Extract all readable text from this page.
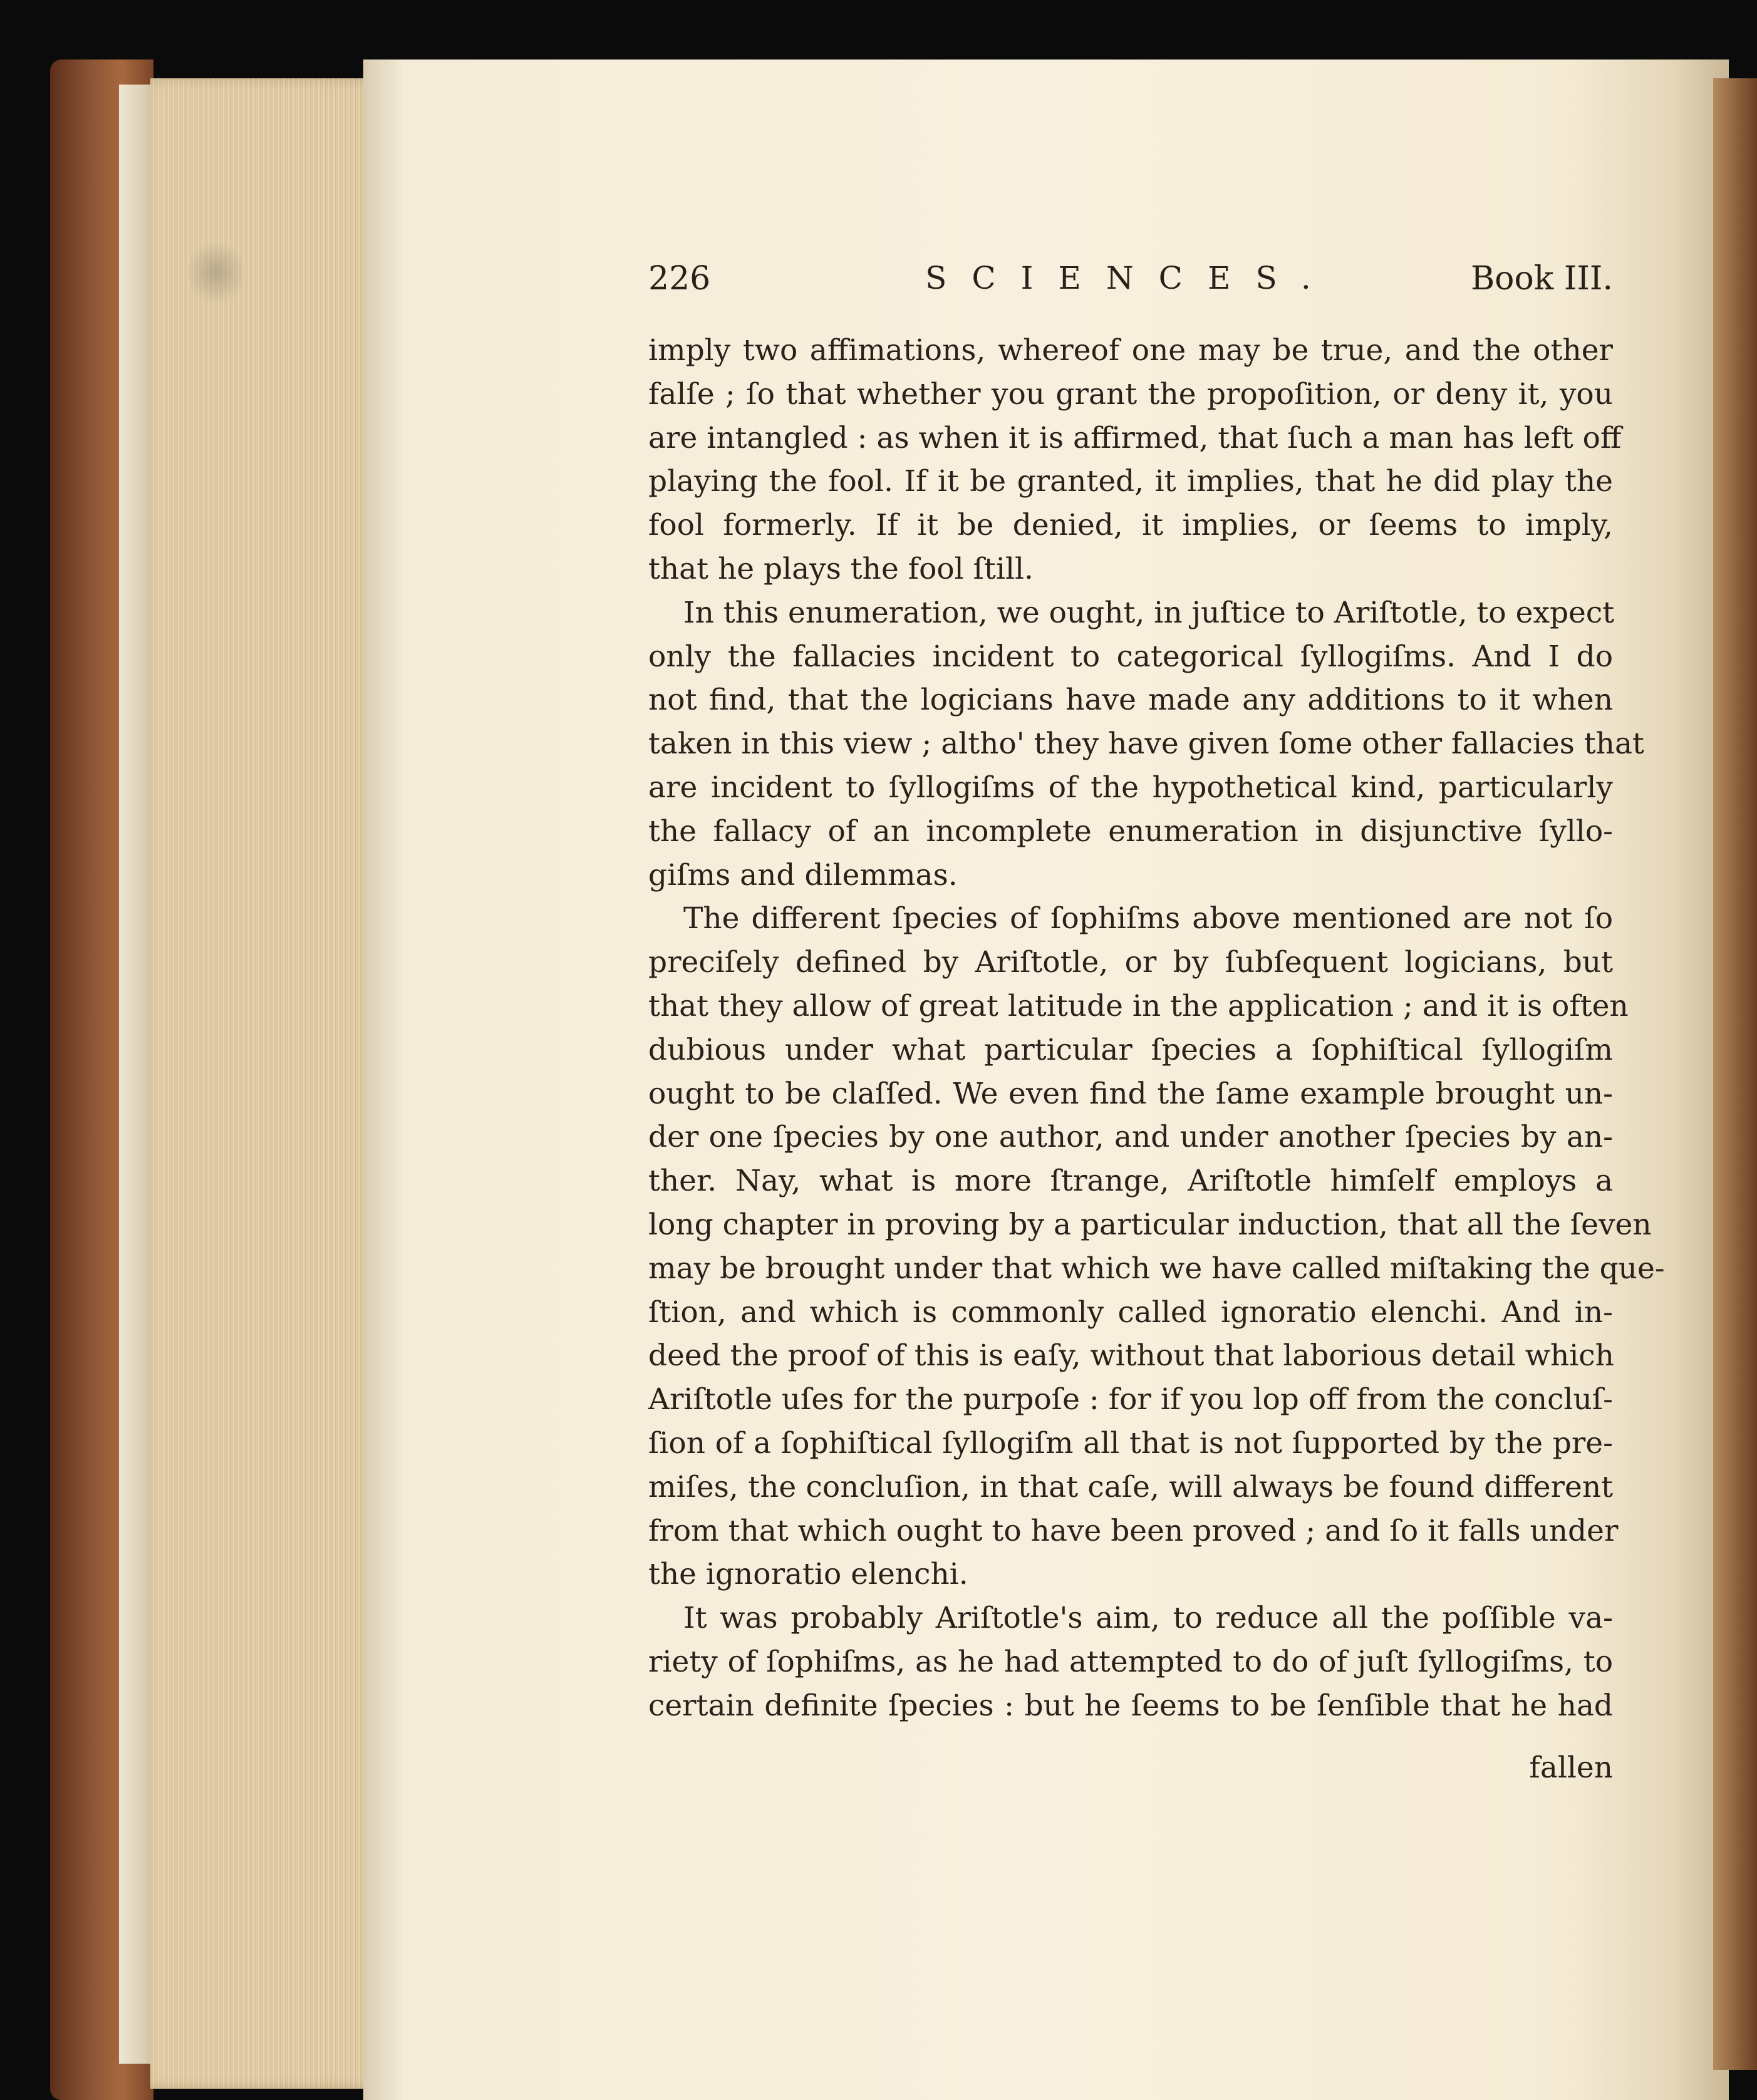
226	SCIENCES.	Book III.
imply two affimations, whereof one may be true, and the other
falſe ; ſo that whether you grant the propoſition, or deny it, you
are intangled : as when it is affirmed, that ſuch a man has left off
playing the fool. If it be granted, it implies, that he did play the
fool formerly. If it be denied, it implies, or ſeems to imply,
that he plays the fool ſtill.
In this enumeration, we ought, in juſtice to Ariſtotle, to expect
only the fallacies incident to categorical ſyllogiſms. And I do
not find, that the logicians have made any additions to it when
taken in this view ; altho' they have given ſome other fallacies that
are incident to ſyllogiſms of the hypothetical kind, particularly
the fallacy of an incomplete enumeration in disjunctive ſyllo-
giſms and dilemmas.
The different ſpecies of ſophiſms above mentioned are not ſo
preciſely defined by Ariſtotle, or by ſubſequent logicians, but
that they allow of great latitude in the application ; and it is often
dubious under what particular ſpecies a ſophiſtical ſyllogiſm
ought to be claſſed. We even find the ſame example brought un-
der one ſpecies by one author, and under another ſpecies by an-
ther. Nay, what is more ſtrange, Ariſtotle himſelf employs a
long chapter in proving by a particular induction, that all the ſeven
may be brought under that which we have called miſtaking the que-
ſtion, and which is commonly called ignoratio elenchi. And in-
deed the proof of this is eaſy, without that laborious detail which
Ariſtotle uſes for the purpoſe : for if you lop off from the concluſ-
ſion of a ſophiſtical ſyllogiſm all that is not ſupported by the pre-
miſes, the concluſion, in that caſe, will always be found different
from that which ought to have been proved ; and ſo it falls under
the ignoratio elenchi.
It was probably Ariſtotle's aim, to reduce all the poſſible va-
riety of ſophiſms, as he had attempted to do of juſt ſyllogiſms, to
certain definite ſpecies : but he ſeems to be ſenſible that he had
fallen
